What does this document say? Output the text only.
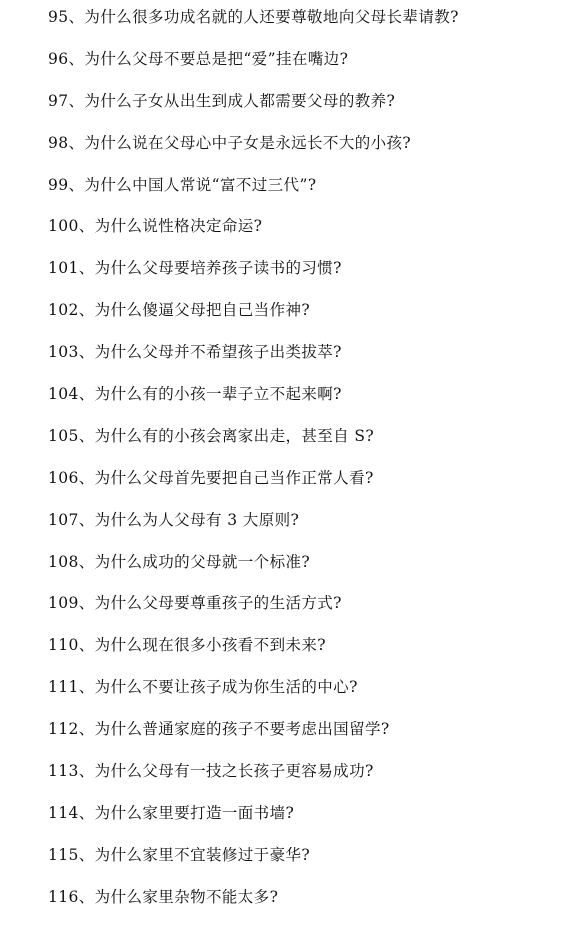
95、为什么很多功成名就的人还要尊敬地向父母长辈请教?
96、为什么父母不要总是把“爱”挂在嘴边?
97、为什么子女从出生到成人都需要父母的教养?
98、为什么说在父母心中子女是永远长不大的小孩?
99、为什么中国人常说“富不过三代”?
100、为什么说性格决定命运?
101、为什么父母要培养孩子读书的习惯?
102、为什么傻逼父母把自己当作神?
103、为什么父母并不希望孩子出类拔萃?
104、为什么有的小孩一辈子立不起来啊?
105、为什么有的小孩会离家出走，甚至自 S?
106、为什么父母首先要把自己当作正常人看?
107、为什么为人父母有 3 大原则?
108、为什么成功的父母就一个标准?
109、为什么父母要尊重孩子的生活方式?
110、为什么现在很多小孩看不到未来?
111、为什么不要让孩子成为你生活的中心?
112、为什么普通家庭的孩子不要考虑出国留学?
113、为什么父母有一技之长孩子更容易成功?
114、为什么家里要打造一面书墙?
115、为什么家里不宜装修过于豪华?
116、为什么家里杂物不能太多?
